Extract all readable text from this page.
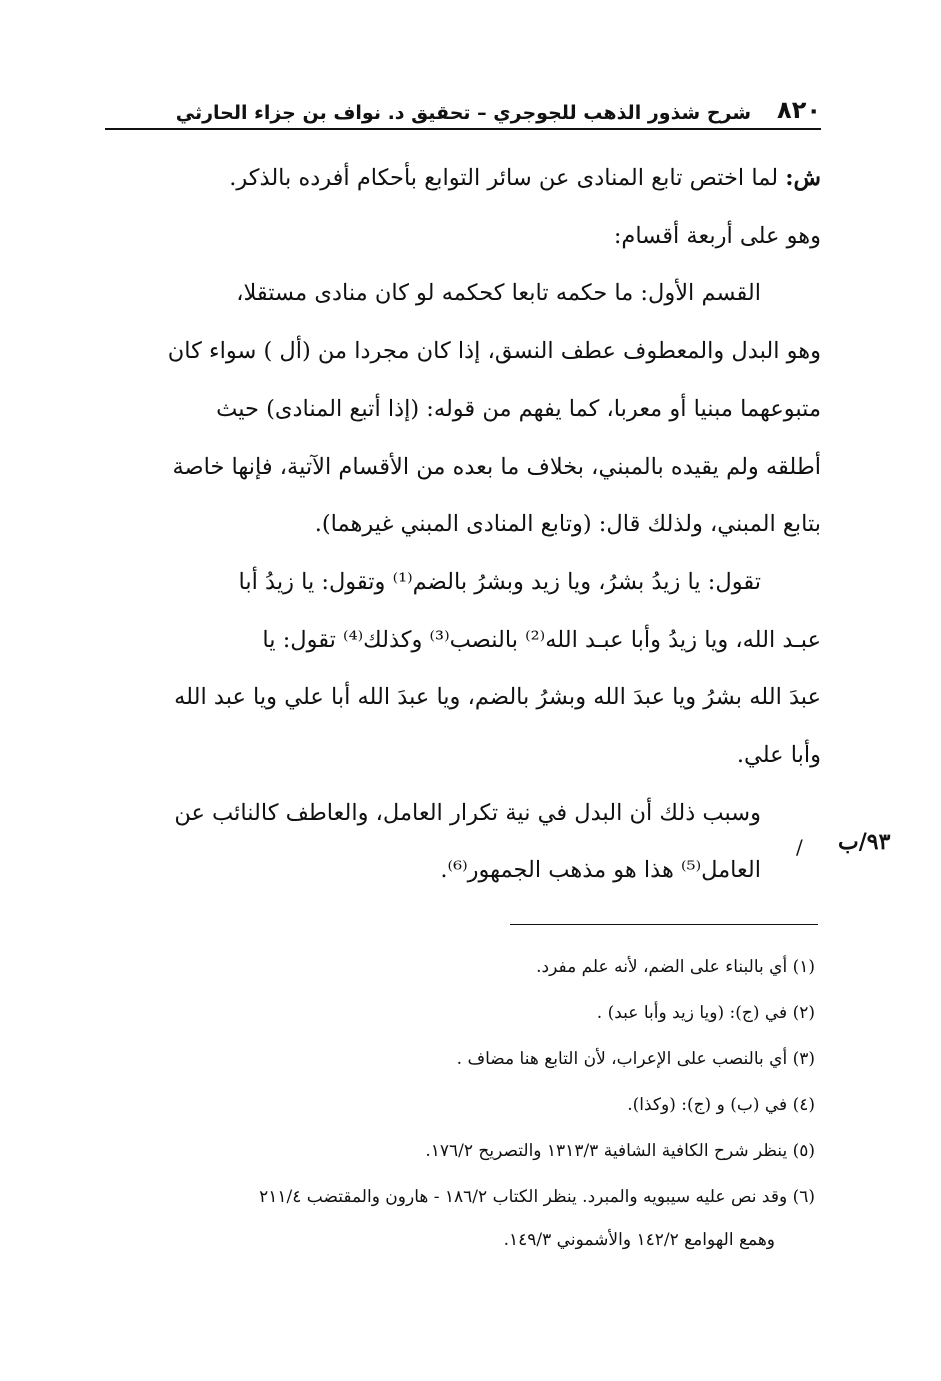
٨٢٠
شرح شذور الذهب للجوجري – تحقيق د. نواف بن جزاء الحارثي

ش: لما اختص تابع المنادى عن سائر التوابع بأحكام أفرده بالذكر.

وهو على أربعة أقسام:

القسم الأول: ما حكمه تابعا كحكمه لو كان منادى مستقلا،

وهو البدل والمعطوف عطف النسق، إذا كان مجردا من (أل ) سواء كان

متبوعهما مبنيا أو معربا، كما يفهم من قوله: (إذا أتبع المنادى) حيث

أطلقه ولم يقيده بالمبني، بخلاف ما بعده من الأقسام الآتية، فإنها خاصة

بتابع المبني، ولذلك قال: (وتابع المنادى المبني غيرهما).

تقول: يا زيدُ بشرُ، ويا زيد وبشرُ بالضم⁽¹⁾ وتقول: يا زيدُ أبا

عبـد الله، ويا زيدُ وأبا عبـد الله⁽²⁾ بالنصب⁽³⁾ وكذلك⁽⁴⁾ تقول: يا

عبدَ الله بشرُ ويا عبدَ الله وبشرُ بالضم، ويا عبدَ الله أبا علي ويا عبد الله

وأبا علي.

وسبب ذلك أن البدل في نية تكرار العامل، والعاطف كالنائب عن

العامل⁽⁵⁾ هذا هو مذهب الجمهور⁽⁶⁾.

٩٣/ب
/

(١) أي بالبناء على الضم، لأنه علم مفرد.

(٢) في (ج): (ويا زيد وأبا عبد) .

(٣) أي بالنصب على الإعراب، لأن التابع هنا مضاف .

(٤) في (ب) و (ج): (وكذا).

(٥) ينظر شرح الكافية الشافية ١٣١٣/٣ والتصريح ١٧٦/٢.

(٦) وقد نص عليه سيبويه والمبرد. ينظر الكتاب ١٨٦/٢ - هارون والمقتضب ٢١١/٤

وهمع الهوامع ١٤٢/٢ والأشموني ١٤٩/٣.
